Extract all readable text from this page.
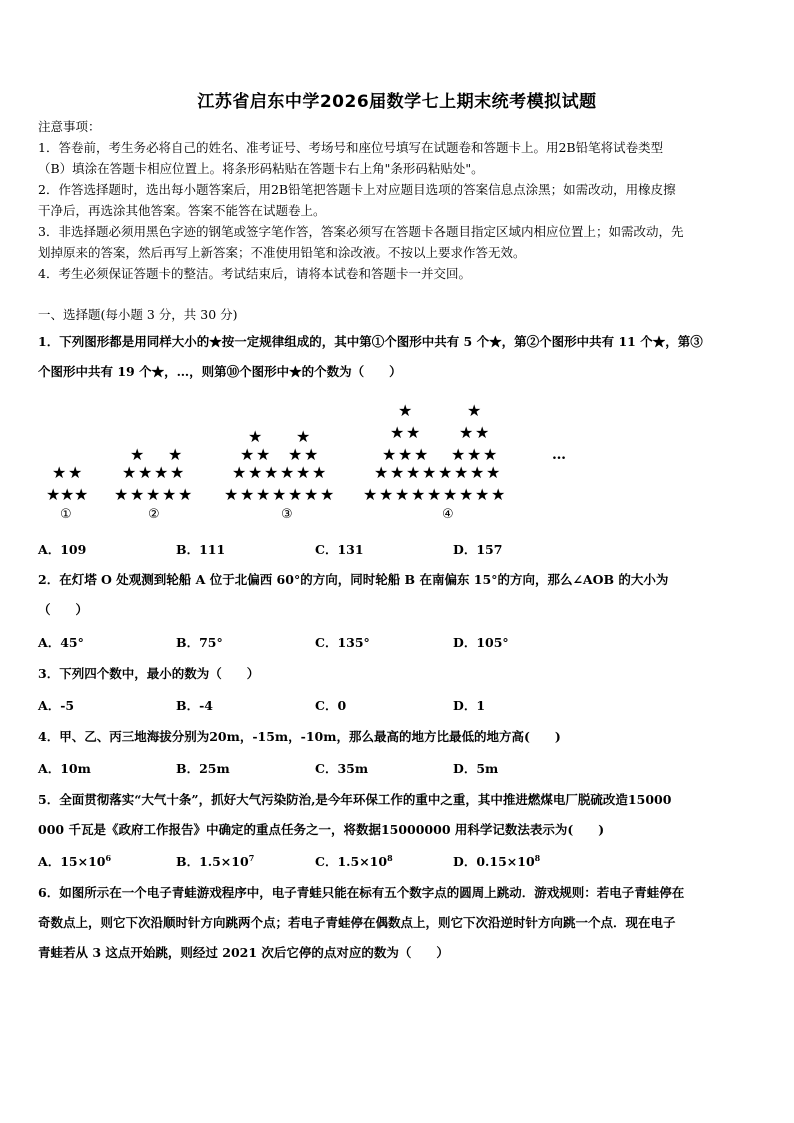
江苏省启东中学2026届数学七上期末统考模拟试题
注意事项：
1．答卷前，考生务必将自己的姓名、准考证号、考场号和座位号填写在试题卷和答题卡上。用2B铅笔将试卷类型
（B）填涂在答题卡相应位置上。将条形码粘贴在答题卡右上角"条形码粘贴处"。
2．作答选择题时，选出每小题答案后，用2B铅笔把答题卡上对应题目选项的答案信息点涂黑；如需改动，用橡皮擦
干净后，再选涂其他答案。答案不能答在试题卷上。
3．非选择题必须用黑色字迹的钢笔或签字笔作答，答案必须写在答题卡各题目指定区域内相应位置上；如需改动，先
划掉原来的答案，然后再写上新答案；不准使用铅笔和涂改液。不按以上要求作答无效。
4．考生必须保证答题卡的整洁。考试结束后，请将本试卷和答题卡一并交回。
一、选择题(每小题 3 分，共 30 分)
1．下列图形都是用同样大小的★按一定规律组成的，其中第①个图形中共有 5 个★，第②个图形中共有 11 个★，第③
个图形中共有 19 个★，…，则第⑩个图形中★的个数为（　　）
①	②	③	④
…
★ ★
★ ★ ★
★ ★
★ ★ ★ ★
★ ★ ★ ★ ★
★ ★
★ ★ ★ ★
★ ★ ★ ★ ★ ★
★ ★ ★ ★ ★ ★ ★
★	★
★ ★ ★ ★
★ ★ ★ ★ ★ ★
★ ★ ★ ★ ★ ★ ★ ★
★ ★ ★ ★ ★ ★ ★ ★ ★
A．109	B．111	C．131	D．157
2．在灯塔 O 处观测到轮船 A 位于北偏西 60°的方向，同时轮船 B 在南偏东 15°的方向，那么∠AOB 的大小为
（　　）
A．45°	B．75°	C．135°	D．105°
3．下列四个数中，最小的数为（　　）
A．-5	B．-4	C．0	D．1
4．甲、乙、丙三地海拔分别为20m，-15m，-10m，那么最高的地方比最低的地方高(　　)
A．10m	B．25m	C．35m	D．5m
5．全面贯彻落实“大气十条”，抓好大气污染防治,是今年环保工作的重中之重，其中推进燃煤电厂脱硫改造15000
000 千瓦是《政府工作报告》中确定的重点任务之一，将数据15000000 用科学记数法表示为(　　)
A．$15\times 10^6$	B．$1.5\times 10^7$	C．$1.5\times 10^8$	D．$0.15\times 10^8$
6．如图所示在一个电子青蛙游戏程序中，电子青蛙只能在标有五个数字点的圆周上跳动．游戏规则：若电子青蛙停在
奇数点上，则它下次沿顺时针方向跳两个点；若电子青蛙停在偶数点上，则它下次沿逆时针方向跳一个点．现在电子
青蛙若从 3 这点开始跳，则经过 2021 次后它停的点对应的数为（　　）
